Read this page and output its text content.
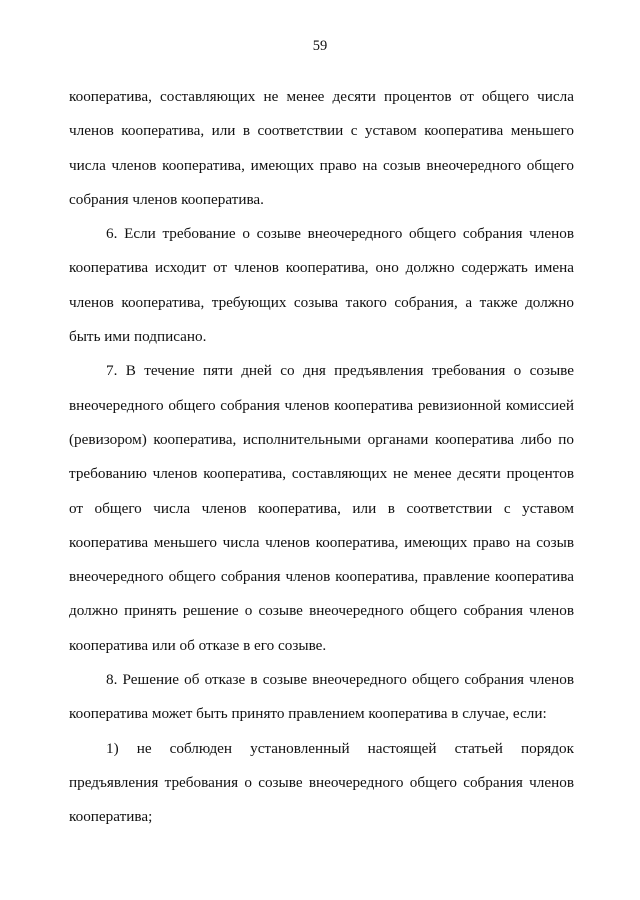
59
кооператива, составляющих не менее десяти процентов от общего числа
членов кооператива, или в соответствии с уставом кооператива меньшего
числа членов кооператива, имеющих право на созыв внеочередного общего
собрания членов кооператива.
6. Если требование о созыве внеочередного общего собрания членов
кооператива исходит от членов кооператива, оно должно содержать имена
членов кооператива, требующих созыва такого собрания, а также должно
быть ими подписано.
7. В течение пяти дней со дня предъявления требования о созыве
внеочередного общего собрания членов кооператива ревизионной комиссией
(ревизором) кооператива, исполнительными органами кооператива либо по
требованию членов кооператива, составляющих не менее десяти процентов
от общего числа членов кооператива, или в соответствии с уставом
кооператива меньшего числа членов кооператива, имеющих право на созыв
внеочередного общего собрания членов кооператива, правление кооператива
должно принять решение о созыве внеочередного общего собрания членов
кооператива или об отказе в его созыве.
8. Решение об отказе в созыве внеочередного общего собрания членов
кооператива может быть принято правлением кооператива в случае, если:
1) не соблюден установленный настоящей статьей порядок
предъявления требования о созыве внеочередного общего собрания членов
кооператива;
